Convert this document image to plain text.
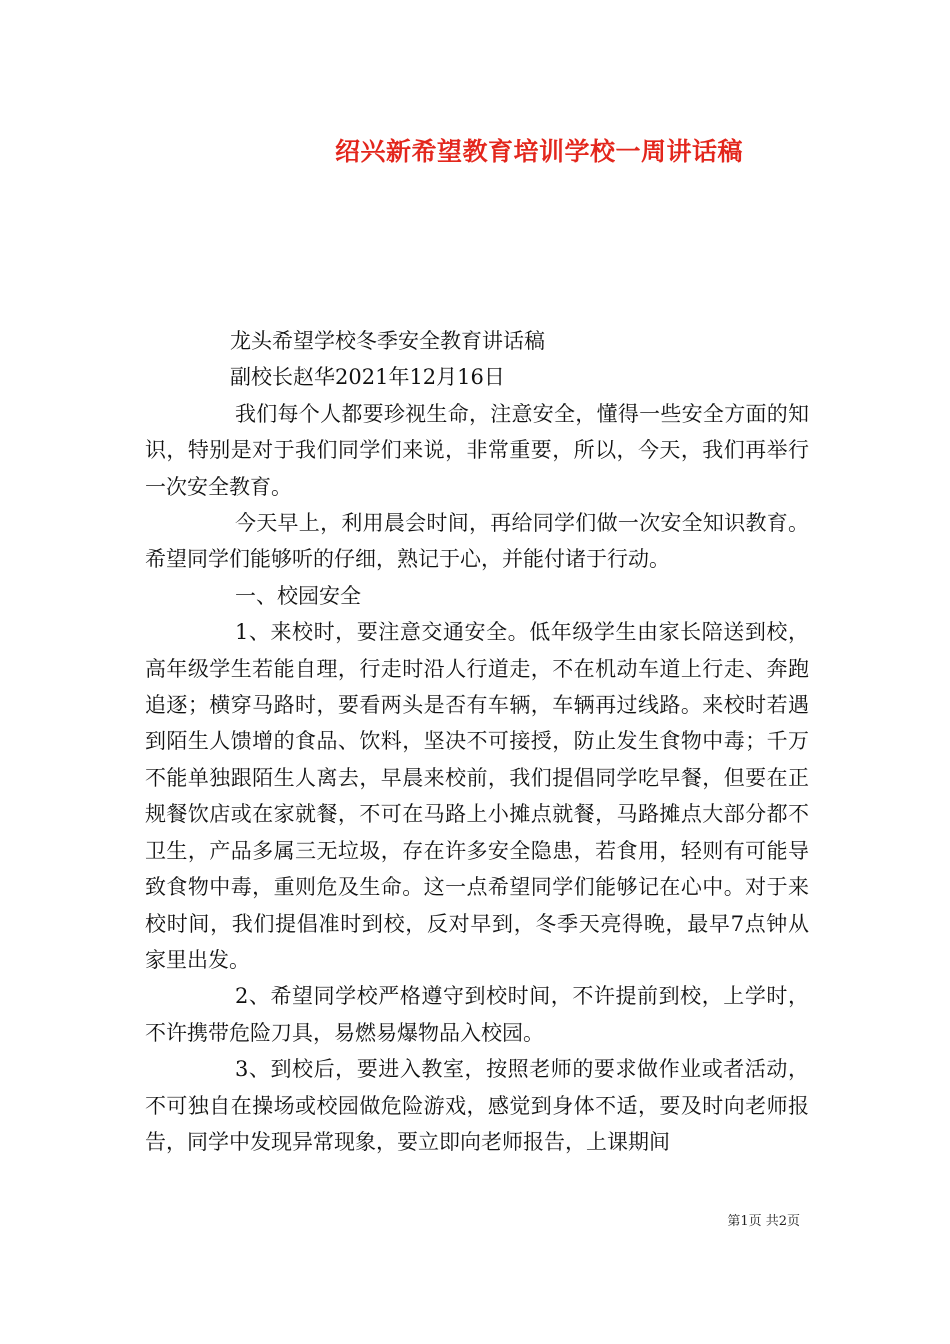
绍兴新希望教育培训学校一周讲话稿

龙头希望学校冬季安全教育讲话稿

副校长赵华2021年12月16日

我们每个人都要珍视生命，注意安全，懂得一些安全方面的知识，特别是对于我们同学们来说，非常重要，所以，今天，我们再举行一次安全教育。

今天早上，利用晨会时间，再给同学们做一次安全知识教育。希望同学们能够听的仔细，熟记于心，并能付诸于行动。

一、校园安全

1、来校时，要注意交通安全。低年级学生由家长陪送到校，高年级学生若能自理，行走时沿人行道走，不在机动车道上行走、奔跑追逐；横穿马路时，要看两头是否有车辆，车辆再过线路。来校时若遇到陌生人馈增的食品、饮料，坚决不可接授，防止发生食物中毒；千万不能单独跟陌生人离去，早晨来校前，我们提倡同学吃早餐，但要在正规餐饮店或在家就餐，不可在马路上小摊点就餐，马路摊点大部分都不卫生，产品多属三无垃圾，存在许多安全隐患，若食用，轻则有可能导致食物中毒，重则危及生命。这一点希望同学们能够记在心中。对于来校时间，我们提倡准时到校，反对早到，冬季天亮得晚，最早7点钟从家里出发。

2、希望同学校严格遵守到校时间，不许提前到校，上学时，不许携带危险刀具，易燃易爆物品入校园。

3、到校后，要进入教室，按照老师的要求做作业或者活动，不可独自在操场或校园做危险游戏，感觉到身体不适，要及时向老师报告，同学中发现异常现象，要立即向老师报告，上课期间

第1页 共2页
